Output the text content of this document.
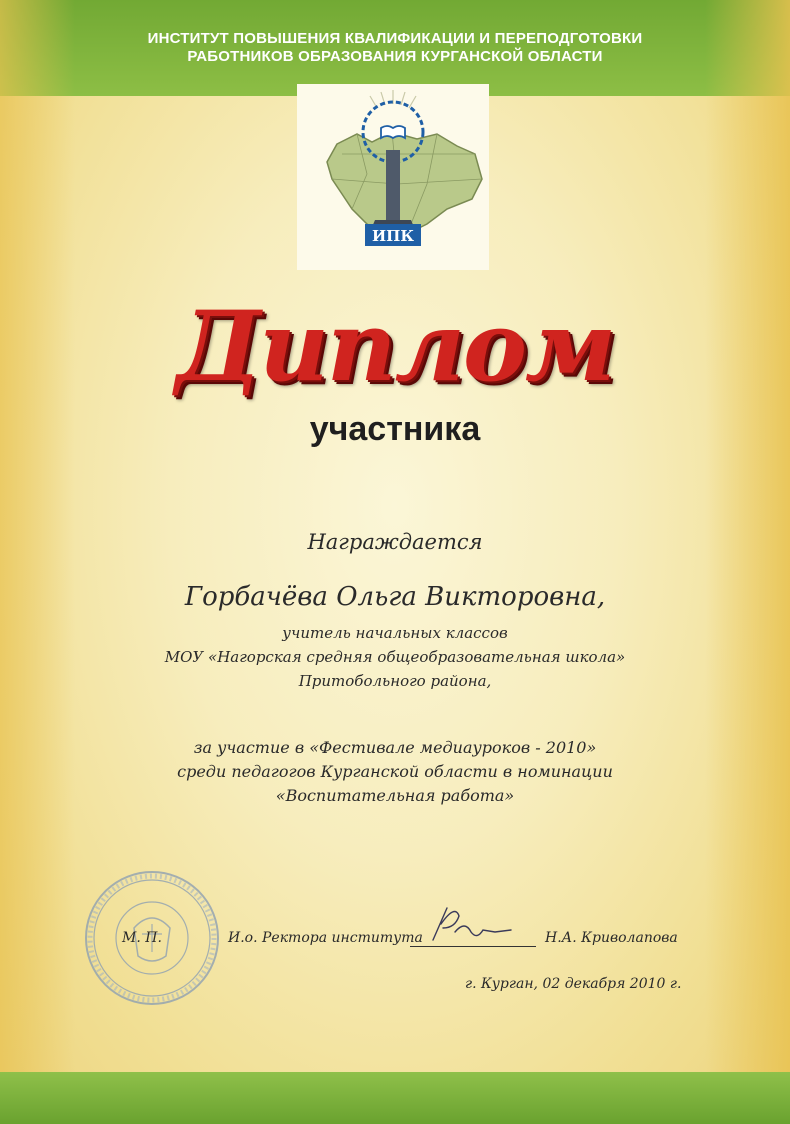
ИНСТИТУТ ПОВЫШЕНИЯ КВАЛИФИКАЦИИ И ПЕРЕПОДГОТОВКИ
РАБОТНИКОВ ОБРАЗОВАНИЯ КУРГАНСКОЙ ОБЛАСТИ
ИПК
Диплом
участника
Награждается
Горбачёва Ольга Викторовна,
учитель начальных классов
МОУ «Нагорская средняя общеобразовательная школа»
Притобольного района,
за участие в «Фестивале медиауроков - 2010»
среди педагогов Курганской области в номинации
«Воспитательная работа»
М. П.	И.о. Ректора института	Н.А. Криволапова
г. Курган, 02 декабря 2010 г.
